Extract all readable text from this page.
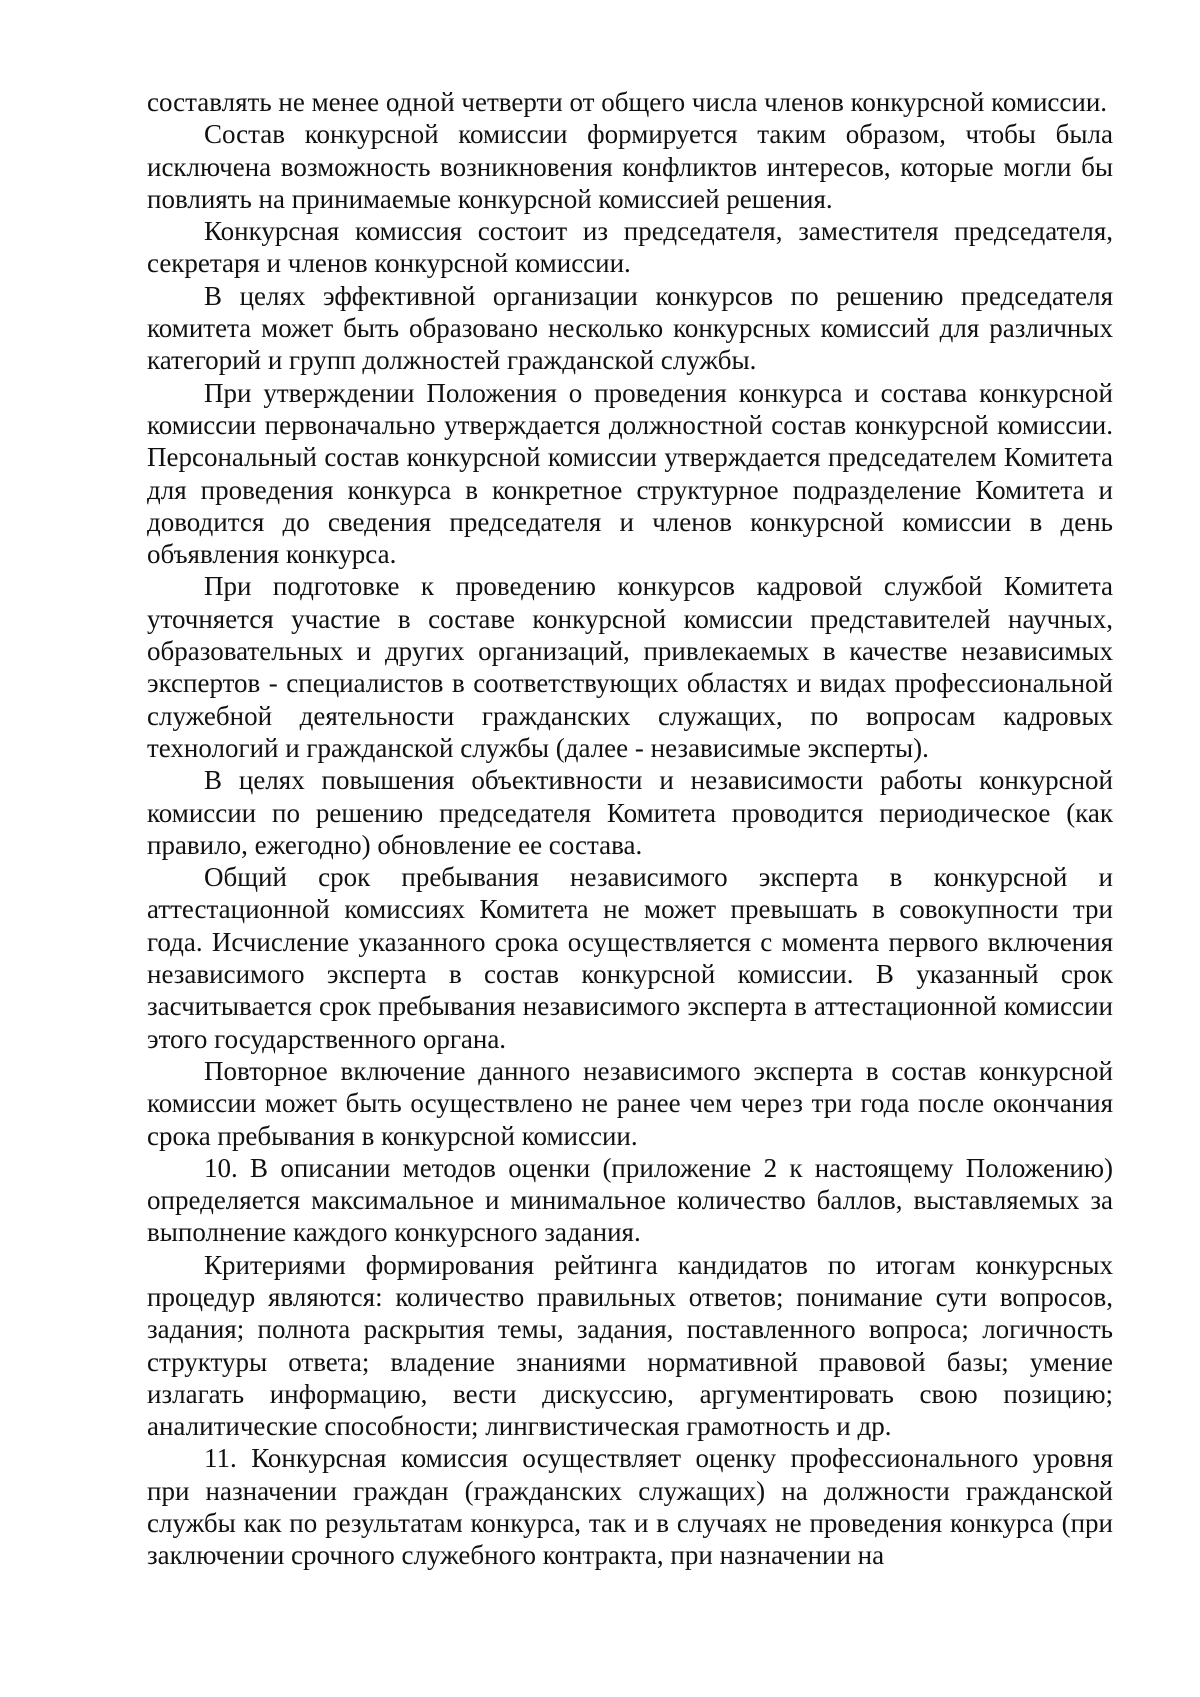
составлять не менее одной четверти от общего числа членов конкурсной комиссии.

Состав конкурсной комиссии формируется таким образом, чтобы была исключена возможность возникновения конфликтов интересов, которые могли бы повлиять на принимаемые конкурсной комиссией решения.

Конкурсная комиссия состоит из председателя, заместителя председателя, секретаря и членов конкурсной комиссии.

В целях эффективной организации конкурсов по решению председателя комитета может быть образовано несколько конкурсных комиссий для различных категорий и групп должностей гражданской службы.

При утверждении Положения о проведения конкурса и состава конкурсной комиссии первоначально утверждается должностной состав конкурсной комиссии. Персональный состав конкурсной комиссии утверждается председателем Комитета для проведения конкурса в конкретное структурное подразделение Комитета и доводится до сведения председателя и членов конкурсной комиссии в день объявления конкурса.

При подготовке к проведению конкурсов кадровой службой Комитета уточняется участие в составе конкурсной комиссии представителей научных, образовательных и других организаций, привлекаемых в качестве независимых экспертов - специалистов в соответствующих областях и видах профессиональной служебной деятельности гражданских служащих, по вопросам кадровых технологий и гражданской службы (далее - независимые эксперты).

В целях повышения объективности и независимости работы конкурсной комиссии по решению председателя Комитета проводится периодическое (как правило, ежегодно) обновление ее состава.

Общий срок пребывания независимого эксперта в конкурсной и аттестационной комиссиях Комитета не может превышать в совокупности три года. Исчисление указанного срока осуществляется с момента первого включения независимого эксперта в состав конкурсной комиссии. В указанный срок засчитывается срок пребывания независимого эксперта в аттестационной комиссии этого государственного органа.

Повторное включение данного независимого эксперта в состав конкурсной комиссии может быть осуществлено не ранее чем через три года после окончания срока пребывания в конкурсной комиссии.

10. В описании методов оценки (приложение 2 к настоящему Положению) определяется максимальное и минимальное количество баллов, выставляемых за выполнение каждого конкурсного задания.

Критериями формирования рейтинга кандидатов по итогам конкурсных процедур являются: количество правильных ответов; понимание сути вопросов, задания; полнота раскрытия темы, задания, поставленного вопроса; логичность структуры ответа; владение знаниями нормативной правовой базы; умение излагать информацию, вести дискуссию, аргументировать свою позицию; аналитические способности; лингвистическая грамотность и др.

11. Конкурсная комиссия осуществляет оценку профессионального уровня при назначении граждан (гражданских служащих) на должности гражданской службы как по результатам конкурса, так и в случаях не проведения конкурса (при заключении срочного служебного контракта, при назначении на
